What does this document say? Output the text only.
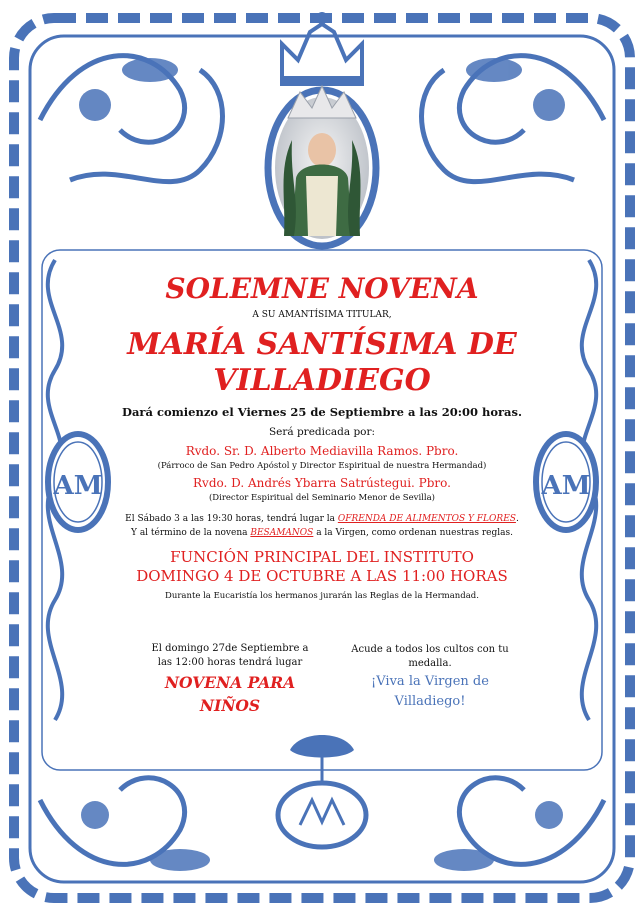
AM	AM
SOLEMNE NOVENA
A SU AMANTÍSIMA TITULAR,
MARÍA SANTÍSIMA DE
VILLADIEGO
Dará comienzo el Viernes 25 de Septiembre a las 20:00 horas.
Será predicada por:
Rvdo. Sr. D. Alberto Mediavilla Ramos. Pbro.
(Párroco de San Pedro Apóstol y Director Espiritual de nuestra Hermandad)
Rvdo. D. Andrés Ybarra Satrústegui. Pbro.
(Director Espiritual del Seminario Menor de Sevilla)
El Sábado 3 a las 19:30 horas, tendrá lugar la OFRENDA DE ALIMENTOS Y FLORES.
Y al término de la novena BESAMANOS a la Virgen, como ordenan nuestras reglas.
FUNCIÓN PRINCIPAL DEL INSTITUTO
DOMINGO 4 DE OCTUBRE A LAS 11:00 HORAS
Durante la Eucaristía los hermanos jurarán las Reglas de la Hermandad.
El domingo 27de Septiembre a
las 12:00 horas tendrá lugar
NOVENA PARA
NIÑOS
Acude a todos los cultos con tu
medalla.
¡Viva la Virgen de
Villadiego!
